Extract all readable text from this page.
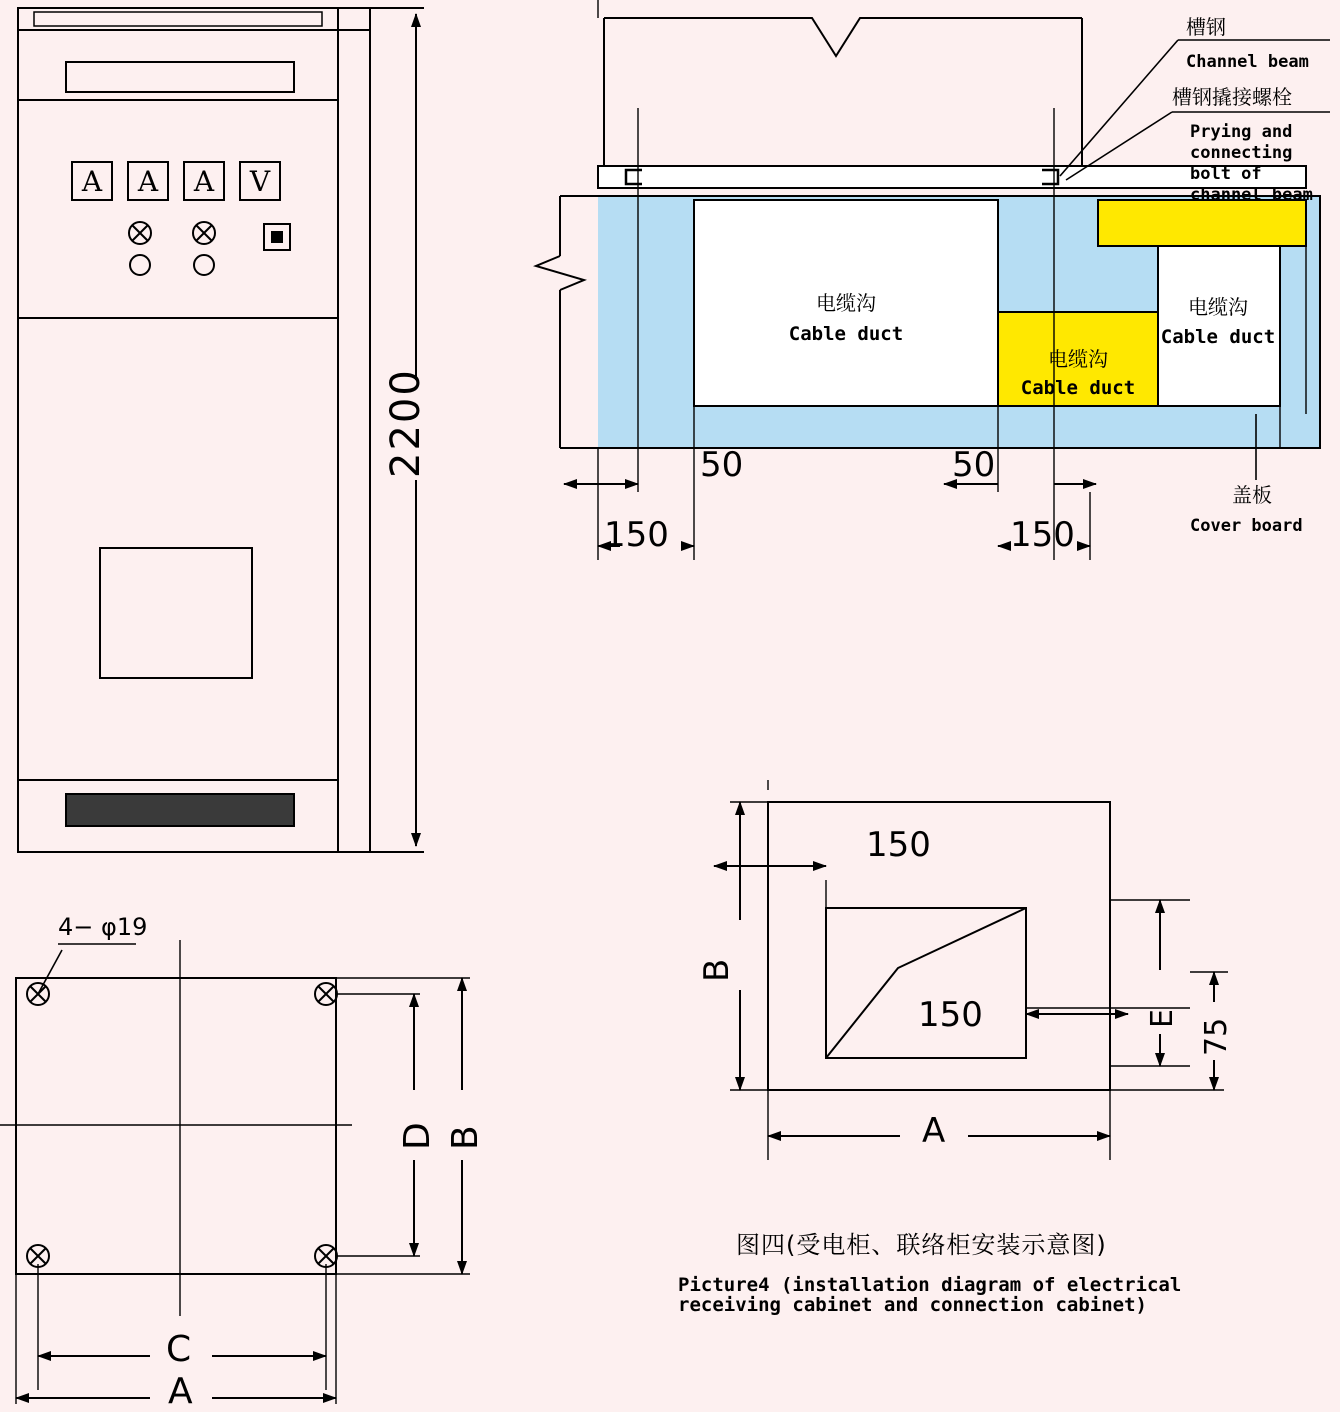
A	A	A	V
2200
4− φ19
C
A
D B
电缆沟
Cable duct
电缆沟
Cable duct
电缆沟
Cable duct
50	50
150	150
槽钢
Channel beam
槽钢撬接螺栓
Prying and
connecting
bolt of
channel beam
盖板
Cover board
150
150
B
A
E 75
图四(受电柜、联络柜安装示意图)
Picture4 (installation diagram of electrical
receiving cabinet and connection cabinet)
